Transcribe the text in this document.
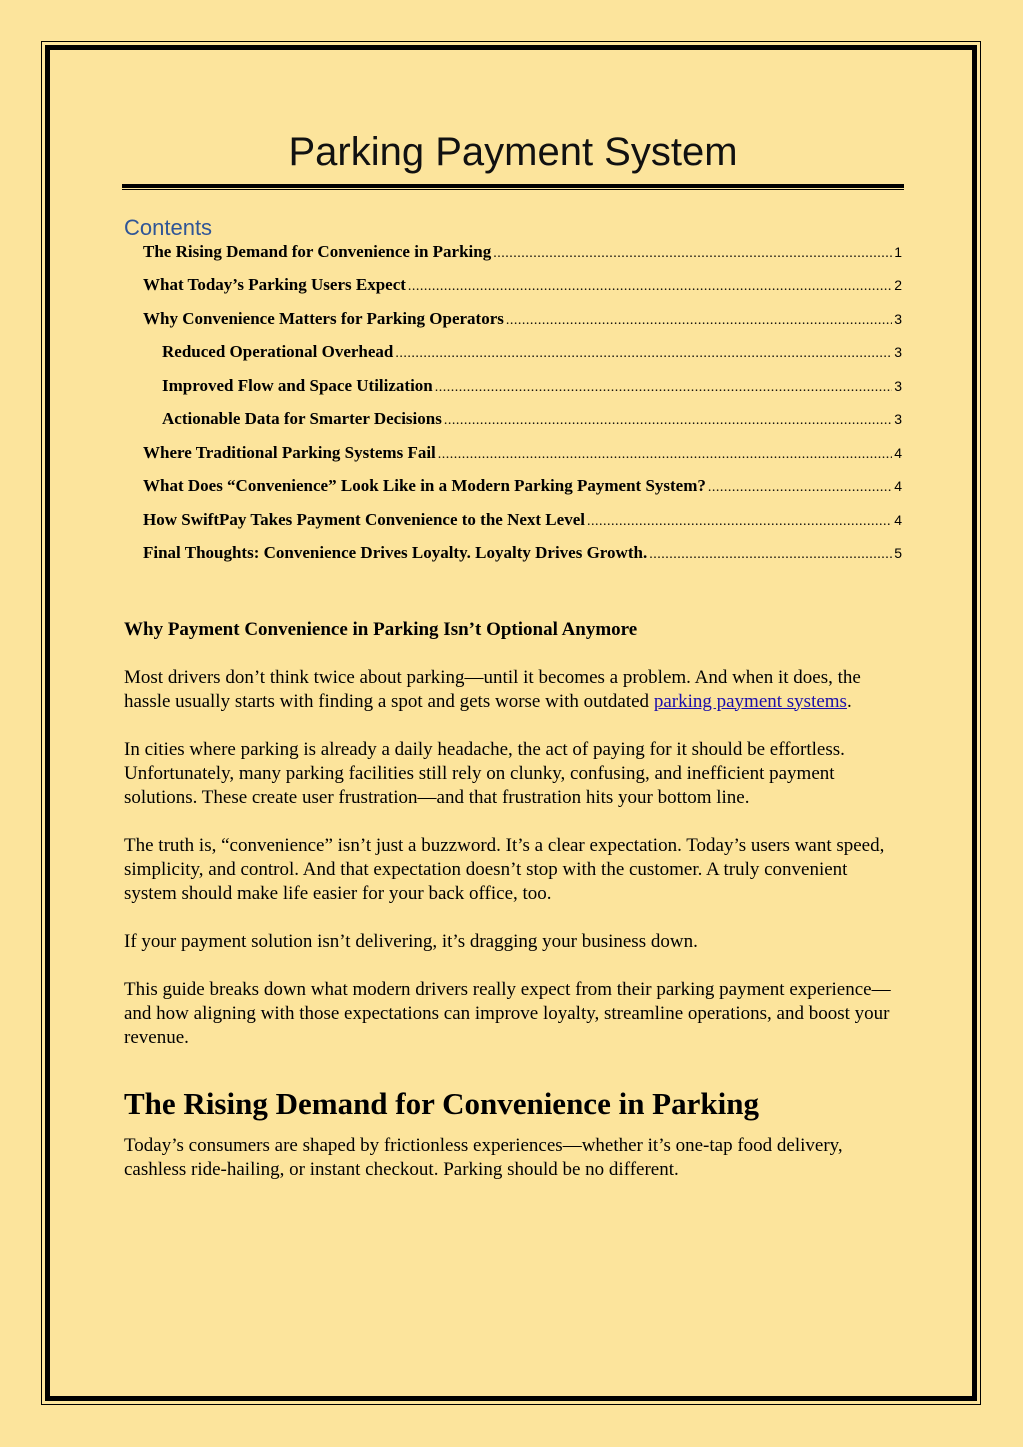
Parking Payment System
Contents
The Rising Demand for Convenience in Parking .....	1
What Today’s Parking Users Expect .....	2
Why Convenience Matters for Parking Operators .....	3
Reduced Operational Overhead .....	3
Improved Flow and Space Utilization .....	3
Actionable Data for Smarter Decisions .....	3
Where Traditional Parking Systems Fail .....	4
What Does “Convenience” Look Like in a Modern Parking Payment System? .....	4
How SwiftPay Takes Payment Convenience to the Next Level .....	4
Final Thoughts: Convenience Drives Loyalty. Loyalty Drives Growth. .....	5
Why Payment Convenience in Parking Isn’t Optional Anymore

Most drivers don’t think twice about parking—until it becomes a problem. And when it does, the hassle usually starts with finding a spot and gets worse with outdated parking payment systems.

In cities where parking is already a daily headache, the act of paying for it should be effortless. Unfortunately, many parking facilities still rely on clunky, confusing, and inefficient payment solutions. These create user frustration—and that frustration hits your bottom line.

The truth is, “convenience” isn’t just a buzzword. It’s a clear expectation. Today’s users want speed, simplicity, and control. And that expectation doesn’t stop with the customer. A truly convenient system should make life easier for your back office, too.

If your payment solution isn’t delivering, it’s dragging your business down.

This guide breaks down what modern drivers really expect from their parking payment experience—and how aligning with those expectations can improve loyalty, streamline operations, and boost your revenue.

The Rising Demand for Convenience in Parking

Today’s consumers are shaped by frictionless experiences—whether it’s one-tap food delivery, cashless ride-hailing, or instant checkout. Parking should be no different.
